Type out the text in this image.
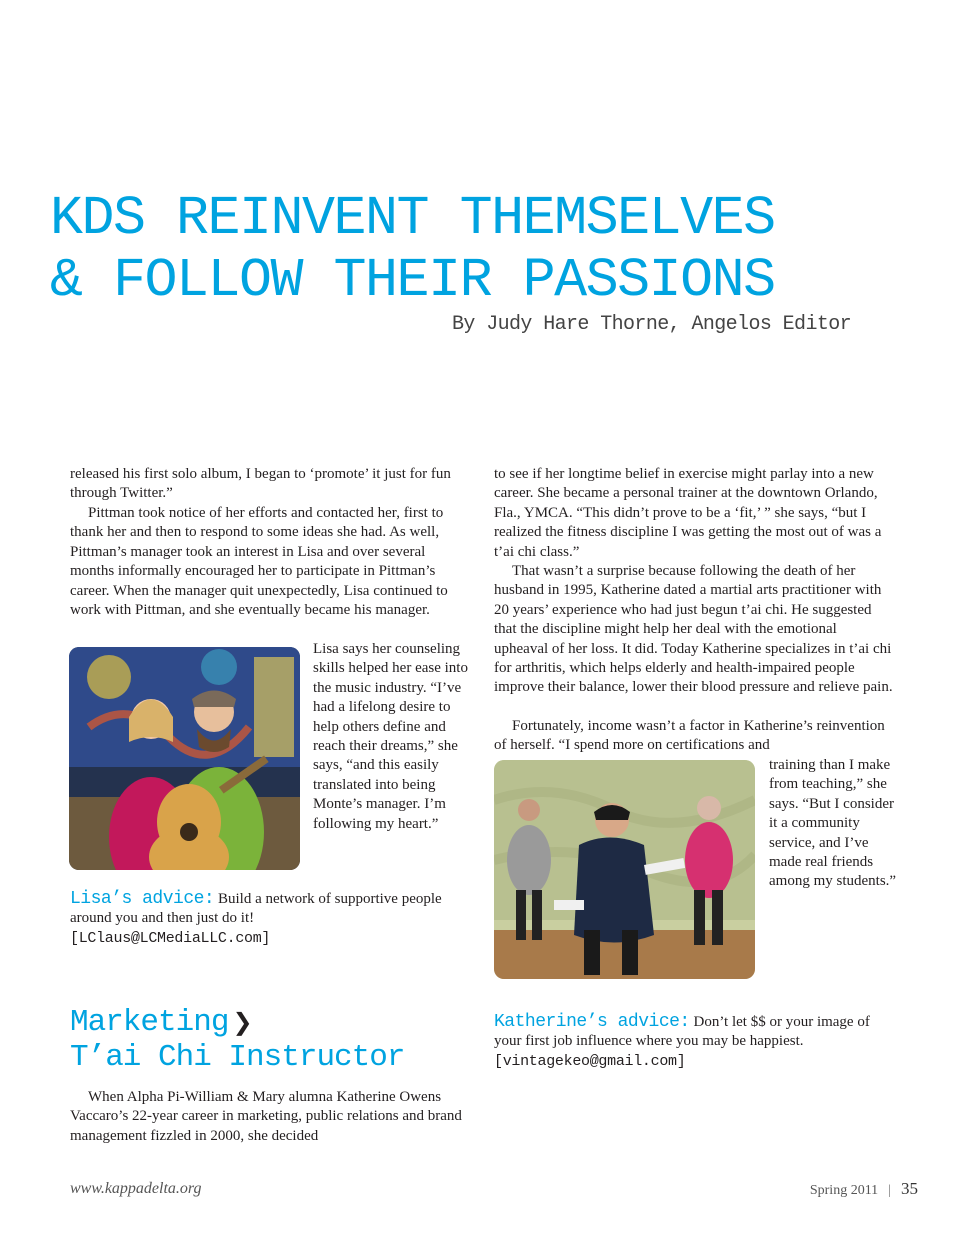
KDS REINVENT THEMSELVES
& FOLLOW THEIR PASSIONS
By Judy Hare Thorne, Angelos Editor

released his first solo album, I began to ‘promote’ it just for fun through Twitter.”

Pittman took notice of her efforts and contacted her, first to thank her and then to respond to some ideas she had. As well, Pittman’s manager took an interest in Lisa and over several months informally encouraged her to participate in Pittman’s career. When the manager quit unexpectedly, Lisa continued to work with Pittman, and she eventually became his manager.

Lisa says her counseling skills helped her ease into the music industry. “I’ve had a lifelong desire to help others define and reach their dreams,” she says, “and this easily translated into being Monte’s manager. I’m following my heart.”

Lisa’s advice: Build a network of supportive people around you and then just do it!
[LClaus@LCMediaLLC.com]

Marketing ❯
T’ai Chi Instructor

When Alpha Pi-William & Mary alumna Katherine Owens Vaccaro’s 22-year career in marketing, public relations and brand management fizzled in 2000, she decided

to see if her longtime belief in exercise might parlay into a new career. She became a personal trainer at the downtown Orlando, Fla., YMCA. “This didn’t prove to be a ‘fit,’ ” she says, “but I realized the fitness discipline I was getting the most out of was a t’ai chi class.”

That wasn’t a surprise because following the death of her husband in 1995, Katherine dated a martial arts practitioner with 20 years’ experience who had just begun t’ai chi. He suggested that the discipline might help her deal with the emotional upheaval of her loss. It did. Today Katherine specializes in t’ai chi for arthritis, which helps elderly and health-impaired people improve their balance, lower their blood pressure and relieve pain.

Fortunately, income wasn’t a factor in Katherine’s reinvention of herself. “I spend more on certifications and

training than I make from teaching,” she says. “But I consider it a community service, and I’ve made real friends among my students.”

Katherine’s advice: Don’t let $$ or your image of your first job influence where you may be happiest.
[vintagekeo@gmail.com]

www.kappadelta.org	Spring 2011 | 35
